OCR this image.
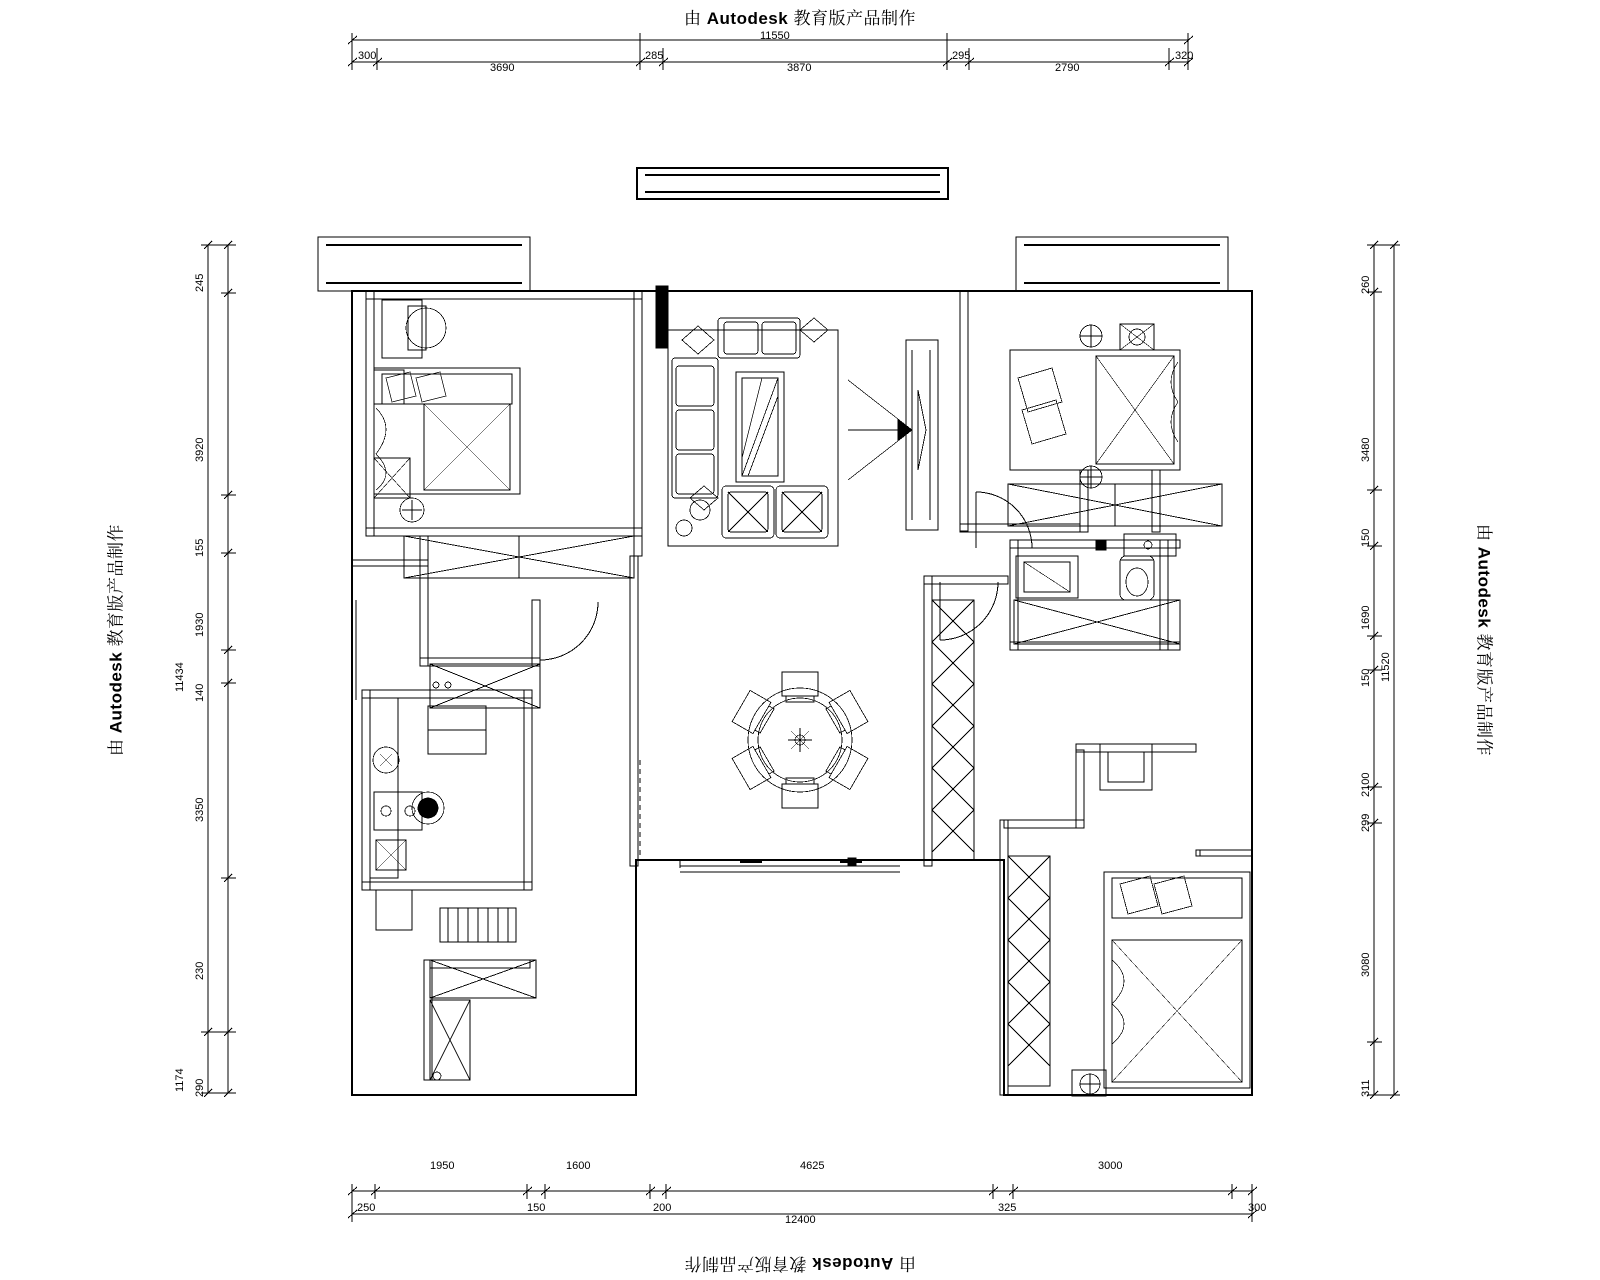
由 Autodesk 教育版产品制作
由 Autodesk 教育版产品制作
由 Autodesk 教育版产品制作	由 Autodesk 教育版产品制作
11550
300
3690
285
3870
295
2790
320
1950	1600	4625	3000
250	150	200	325	300
12400
245
3920
155
1930
140
3350
230
290
11434
1174
260
3480
150
1690
150
2100
299
3080
311
11520
